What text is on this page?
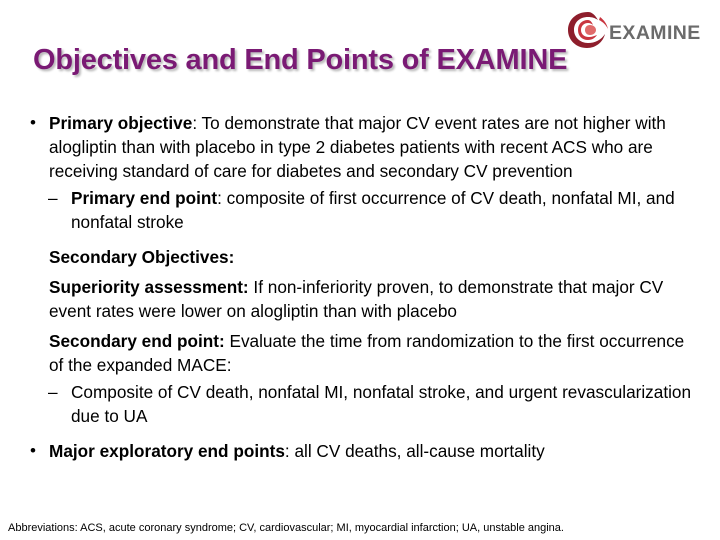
EXAMINE
Objectives and End Points of EXAMINE
• Primary objective: To demonstrate that major CV event rates are not higher with alogliptin than with placebo in type 2 diabetes patients with recent ACS who are receiving standard of care for diabetes and secondary CV prevention
– Primary end point: composite of first occurrence of CV death, nonfatal MI, and nonfatal stroke
Secondary Objectives:
Superiority assessment: If non-inferiority proven, to demonstrate that major CV event rates were lower on alogliptin than with placebo
Secondary end point: Evaluate the time from randomization to the first occurrence of the expanded MACE:
– Composite of CV death, nonfatal MI, nonfatal stroke, and urgent revascularization due to UA
• Major exploratory end points: all CV deaths, all-cause mortality
Abbreviations: ACS, acute coronary syndrome; CV, cardiovascular; MI, myocardial infarction; UA, unstable angina.
